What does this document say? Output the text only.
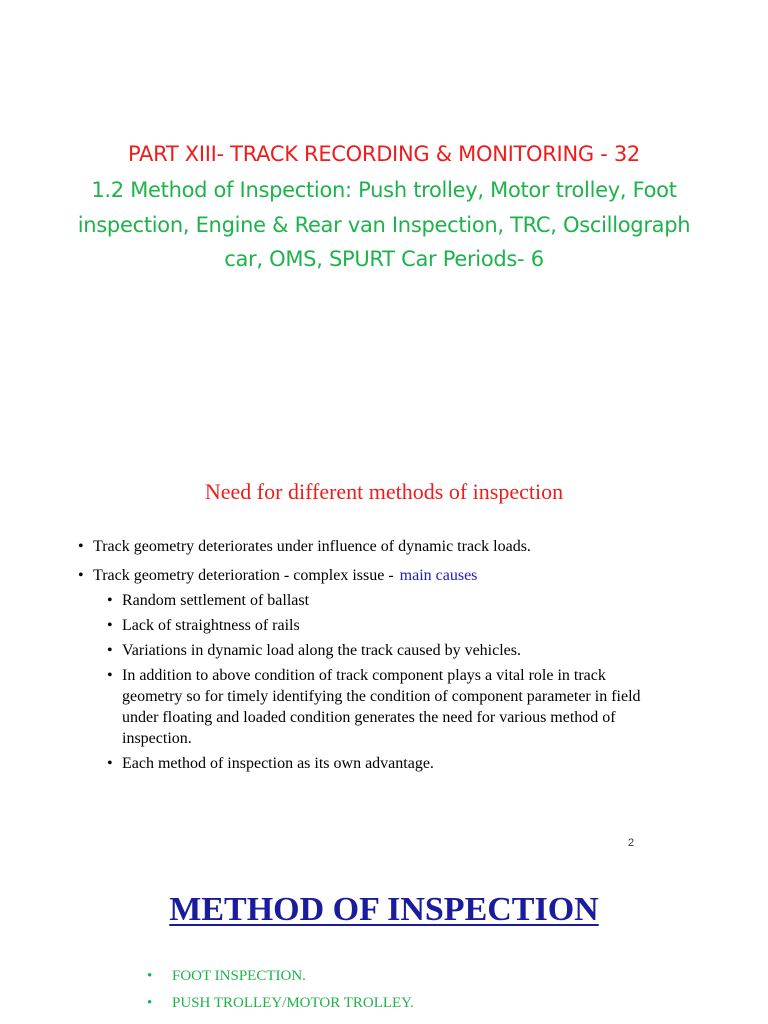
PART XIII- TRACK RECORDING & MONITORING - 32
1.2 Method of Inspection: Push trolley, Motor trolley, Foot inspection, Engine & Rear van Inspection, TRC, Oscillograph car, OMS, SPURT Car Periods- 6
Need for different methods of inspection
• Track geometry deteriorates under influence of dynamic track loads.
• Track geometry deterioration - complex issue - main causes
• Random settlement of ballast
• Lack of straightness of rails
• Variations in dynamic load along the track caused by vehicles.
• In addition to above condition of track component plays a vital role in track geometry so for timely identifying the condition of component parameter in field under floating and loaded condition generates the need for various method of inspection.
• Each method of inspection as its own advantage.
2
METHOD OF INSPECTION
• FOOT INSPECTION.
• PUSH TROLLEY/MOTOR TROLLEY.
